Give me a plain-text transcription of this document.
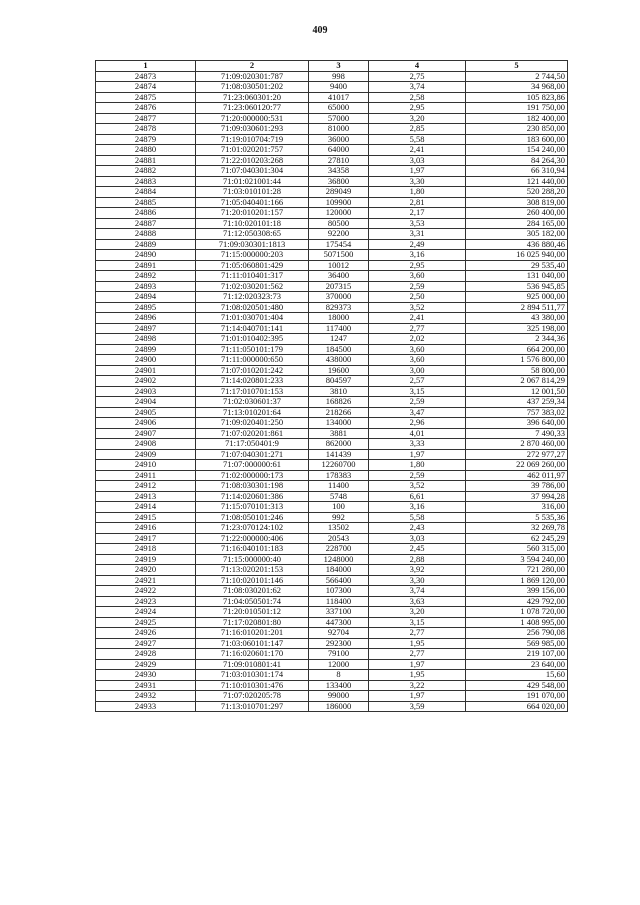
409
1	2	3	4	5
24873	71:09:020301:787	998	2,75	2 744,50
24874	71:08:030501:202	9400	3,74	34 968,00
24875	71:23:060301:20	41017	2,58	105 823,86
24876	71:23:060120:77	65000	2,95	191 750,00
24877	71:20:000000:531	57000	3,20	182 400,00
24878	71:09:030601:293	81000	2,85	230 850,00
24879	71:19:010704:719	36000	5,58	183 600,00
24880	71:01:020201:757	64000	2,41	154 240,00
24881	71:22:010203:268	27810	3,03	84 264,30
24882	71:07:040301:304	34358	1,97	66 310,94
24883	71:01:021001:44	36800	3,30	121 440,00
24884	71:03:010101:28	289049	1,80	520 288,20
24885	71:05:040401:166	109900	2,81	308 819,00
24886	71:20:010201:157	120000	2,17	260 400,00
24887	71:10:020101:18	80500	3,53	284 165,00
24888	71:12:050308:65	92200	3,31	305 182,00
24889	71:09:030301:1813	175454	2,49	436 880,46
24890	71:15:000000:203	5071500	3,16	16 025 940,00
24891	71:05:060801:429	10012	2,95	29 535,40
24892	71:11:010401:317	36400	3,60	131 040,00
24893	71:02:030201:562	207315	2,59	536 945,85
24894	71:12:020323:73	370000	2,50	925 000,00
24895	71:08:020501:480	829373	3,52	2 894 511,77
24896	71:01:030701:404	18000	2,41	43 380,00
24897	71:14:040701:141	117400	2,77	325 198,00
24898	71:01:010402:395	1247	2,02	2 344,36
24899	71:11:050101:179	184500	3,60	664 200,00
24900	71:11:000000:650	438000	3,60	1 576 800,00
24901	71:07:010201:242	19600	3,00	58 800,00
24902	71:14:020801:233	804597	2,57	2 067 814,29
24903	71:17:010701:153	3810	3,15	12 001,50
24904	71:02:030601:37	168826	2,59	437 259,34
24905	71:13:010201:64	218266	3,47	757 383,02
24906	71:09:020401:250	134000	2,96	396 640,00
24907	71:07:020201:861	3881	4,01	7 490,33
24908	71:17:050401:9	862000	3,33	2 870 460,00
24909	71:07:040301:271	141439	1,97	272 977,27
24910	71:07:000000:61	12260700	1,80	22 069 260,00
24911	71:02:000000:173	178383	2,59	462 011,97
24912	71:08:030301:198	11400	3,52	39 786,00
24913	71:14:020601:386	5748	6,61	37 994,28
24914	71:15:070101:313	100	3,16	316,00
24915	71:08:050101:246	992	5,58	5 535,36
24916	71:23:070124:102	13502	2,43	32 269,78
24917	71:22:000000:406	20543	3,03	62 245,29
24918	71:16:040101:183	228700	2,45	560 315,00
24919	71:15:000000:40	1248000	2,88	3 594 240,00
24920	71:13:020201:153	184000	3,92	721 280,00
24921	71:10:020101:146	566400	3,30	1 869 120,00
24922	71:08:030201:62	107300	3,74	399 156,00
24923	71:04:050501:74	118400	3,63	429 792,00
24924	71:20:010501:12	337100	3,20	1 078 720,00
24925	71:17:020801:80	447300	3,15	1 408 995,00
24926	71:16:010201:201	92704	2,77	256 790,08
24927	71:03:060101:147	292300	1,95	569 985,00
24928	71:16:020601:170	79100	2,77	219 107,00
24929	71:09:010801:41	12000	1,97	23 640,00
24930	71:03:010301:174	8	1,95	15,60
24931	71:10:010301:476	133400	3,22	429 548,00
24932	71:07:020205:78	99000	1,97	191 070,00
24933	71:13:010701:297	186000	3,59	664 020,00
